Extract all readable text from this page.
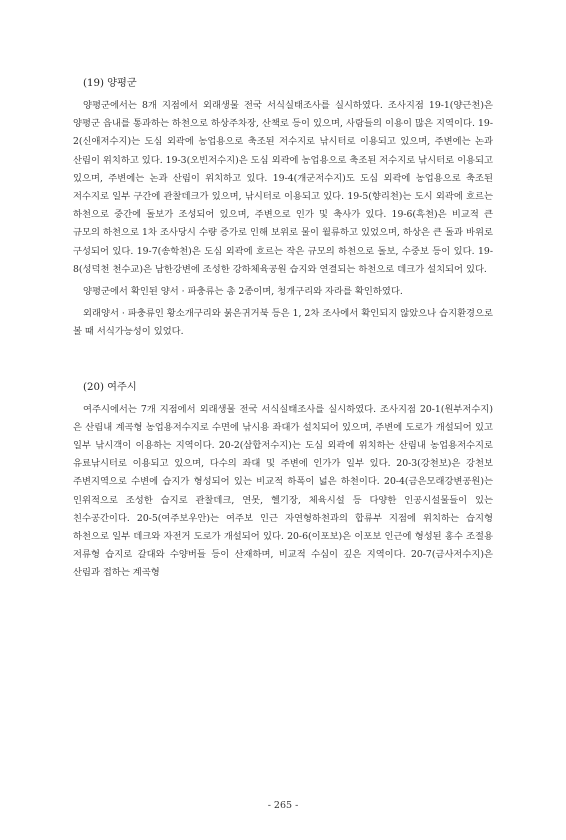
(19) 양평군

양평군에서는 8개 지점에서 외래생물 전국 서식실태조사를 실시하였다. 조사지점 19-1(양근천)은 양평군 읍내를 통과하는 하천으로 하상주차장, 산책로 등이 있으며, 사람들의 이용이 많은 지역이다. 19-2(신애저수지)는 도심 외곽에 농업용으로 축조된 저수지로 낚시터로 이용되고 있으며, 주변에는 논과 산림이 위치하고 있다. 19-3(오빈저수지)은 도심 외곽에 농업용으로 축조된 저수지로 낚시터로 이용되고 있으며, 주변에는 논과 산림이 위치하고 있다. 19-4(개군저수지)도 도심 외곽에 농업용으로 축조된 저수지로 일부 구간에 관찰데크가 있으며, 낚시터로 이용되고 있다. 19-5(향리천)는 도시 외곽에 흐르는 하천으로 중간에 돌보가 조성되어 있으며, 주변으로 인가 및 축사가 있다. 19-6(흑천)은 비교적 큰 규모의 하천으로 1차 조사당시 수량 증가로 인해 보위로 물이 월류하고 있었으며, 하상은 큰 돌과 바위로 구성되어 있다. 19-7(송학천)은 도심 외곽에 흐르는 작은 규모의 하천으로 돌보, 수중보 등이 있다. 19-8(성덕천 천수교)은 남한강변에 조성한 강하체육공원 습지와 연결되는 하천으로 데크가 설치되어 있다.

양평군에서 확인된 양서 · 파충류는 총 2종이며, 청개구리와 자라를 확인하였다.

외래양서 · 파충류인 황소개구리와 붉은귀거북 등은 1, 2차 조사에서 확인되지 않았으나 습지환경으로 볼 때 서식가능성이 있었다.

(20) 여주시

여주시에서는 7개 지점에서 외래생물 전국 서식실태조사를 실시하였다. 조사지점 20-1(원부저수지)은 산림내 계곡형 농업용저수지로 수면에 낚시용 좌대가 설치되어 있으며, 주변에 도로가 개설되어 있고 일부 낚시객이 이용하는 지역이다. 20-2(삼합저수지)는 도심 외곽에 위치하는 산림내 농업용저수지로 유료낚시터로 이용되고 있으며, 다수의 좌대 및 주변에 인가가 일부 있다. 20-3(강천보)은 강천보 주변지역으로 수변에 습지가 형성되어 있는 비교적 하폭이 넓은 하천이다. 20-4(금은모래강변공원)는 인위적으로 조성한 습지로 관찰데크, 연못, 헬기장, 체육시설 등 다양한 인공시설물들이 있는 친수공간이다. 20-5(여주보우안)는 여주보 인근 자연형하천과의 합류부 지점에 위치하는 습지형 하천으로 일부 데크와 자전거 도로가 개설되어 있다. 20-6(이포보)은 이포보 인근에 형성된 홍수 조절용 저류형 습지로 갈대와 수양버들 등이 산재하며, 비교적 수심이 깊은 지역이다. 20-7(금사저수지)은 산림과 접하는 계곡형

- 265 -
